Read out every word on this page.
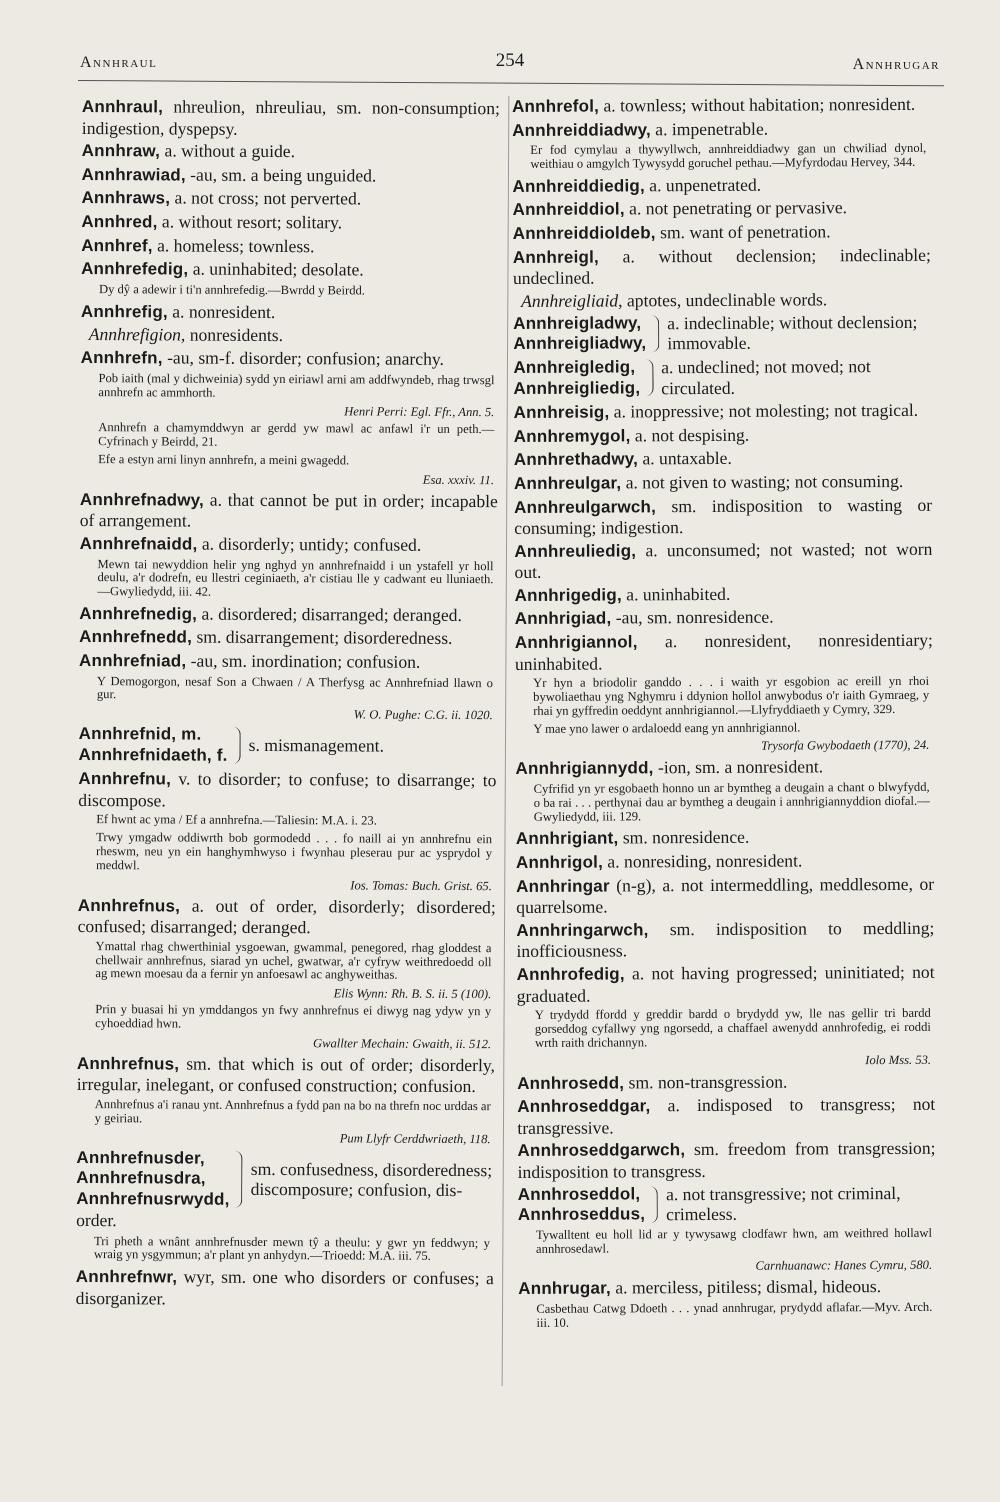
Annhraul	254	Annhrugar
Annhraul, nhreulion, nhreuliau, sm. non-consumption; indigestion, dyspepsy.
Annhraw, a. without a guide.
Annhrawiad, -au, sm. a being unguided.
Annhraws, a. not cross; not perverted.
Annhred, a. without resort; solitary.
Annhref, a. homeless; townless.
Annhrefedig, a. uninhabited; desolate.
Dy dŷ a adewir i ti'n annhrefedig.—Bwrdd y Beirdd.
Annhrefig, a. nonresident.
Annhrefigion, nonresidents.
Annhrefn, -au, sm-f. disorder; confusion; anarchy.
Pob iaith (mal y dichweinia) sydd yn eiriawl arni am addfwyndeb, rhag trwsgl annhrefn ac ammhorth.
Henri Perri: Egl. Ffr., Ann. 5.
Annhrefn a chamymddwyn ar gerdd yw mawl ac anfawl i'r un peth.—Cyfrinach y Beirdd, 21.
Efe a estyn arni linyn annhrefn, a meini gwagedd.
Esa. xxxiv. 11.
Annhrefnadwy, a. that cannot be put in order; incapable of arrangement.
Annhrefnaidd, a. disorderly; untidy; confused.
Mewn tai newyddion helir yng nghyd yn annhrefnaidd i un ystafell yr holl deulu, a'r dodrefn, eu llestri ceginiaeth, a'r cistiau lle y cadwant eu lluniaeth.—Gwyliedydd, iii. 42.
Annhrefnedig, a. disordered; disarranged; deranged.
Annhrefnedd, sm. disarrangement; disorderedness.
Annhrefniad, -au, sm. inordination; confusion.
Y Demogorgon, nesaf Son a Chwaen / A Therfysg ac Annhrefniad llawn o gur.
W. O. Pughe: C.G. ii. 1020.
Annhrefnid, m.
Annhrefnidaeth, f. s. mismanagement.
Annhrefnu, v. to disorder; to confuse; to disarrange; to discompose.
Ef hwnt ac yma / Ef a annhrefna.—Taliesin: M.A. i. 23.
Trwy ymgadw oddiwrth bob gormodedd . . . fo naill ai yn annhrefnu ein rheswm, neu yn ein hanghymhwyso i fwynhau pleserau pur ac ysprydol y meddwl.
Ios. Tomas: Buch. Grist. 65.
Annhrefnus, a. out of order, disorderly; disordered; confused; disarranged; deranged.
Ymattal rhag chwerthinial ysgoewan, gwammal, penegored, rhag gloddest a chellwair annhrefnus, siarad yn uchel, gwatwar, a'r cyfryw weithredoedd oll ag mewn moesau da a fernir yn anfoesawl ac anghyweithas.
Elis Wynn: Rh. B. S. ii. 5 (100).
Prin y buasai hi yn ymddangos yn fwy annhrefnus ei diwyg nag ydyw yn y cyhoeddiad hwn.
Gwallter Mechain: Gwaith, ii. 512.
Annhrefnus, sm. that which is out of order; disorderly, irregular, inelegant, or confused construction; confusion.
Annhrefnus a'i ranau ynt. Annhrefnus a fydd pan na bo na threfn noc urddas ar y geiriau.
Pum Llyfr Cerddwriaeth, 118.
Annhrefnusder,
Annhrefnusdra,
Annhrefnusrwydd,
sm. confusedness, disorderedness; discomposure; confusion, dis-
order.
Tri pheth a wnânt annhrefnusder mewn tŷ a theulu: y gwr yn feddwyn; y wraig yn ysgymmun; a'r plant yn anhydyn.—Trioedd: M.A. iii. 75.
Annhrefnwr, wyr, sm. one who disorders or confuses; a disorganizer.
Annhrefol, a. townless; without habitation; nonresident.
Annhreiddiadwy, a. impenetrable.
Er fod cymylau a thywyllwch, annhreiddiadwy gan un chwiliad dynol, weithiau o amgylch Tywysydd goruchel pethau.—Myfyrdodau Hervey, 344.
Annhreiddiedig, a. unpenetrated.
Annhreiddiol, a. not penetrating or pervasive.
Annhreiddioldeb, sm. want of penetration.
Annhreigl, a. without declension; indeclinable; undeclined.
Annhreigliaid, aptotes, undeclinable words.
Annhreigladwy,
Annhreigliadwy,
a. indeclinable; without declension; immovable.
Annhreigledig,
Annhreigliedig,
a. undeclined; not moved; not circulated.
Annhreisig, a. inoppressive; not molesting; not tragical.
Annhremygol, a. not despising.
Annhrethadwy, a. untaxable.
Annhreulgar, a. not given to wasting; not consuming.
Annhreulgarwch, sm. indisposition to wasting or consuming; indigestion.
Annhreuliedig, a. unconsumed; not wasted; not worn out.
Annhrigedig, a. uninhabited.
Annhrigiad, -au, sm. nonresidence.
Annhrigiannol, a. nonresident, nonresidentiary; uninhabited.
Yr hyn a briodolir ganddo . . . i waith yr esgobion ac ereill yn rhoi bywoliaethau yng Nghymru i ddynion hollol anwybodus o'r iaith Gymraeg, y rhai yn gyffredin oeddynt annhrigiannol.—Llyfryddiaeth y Cymry, 329.
Y mae yno lawer o ardaloedd eang yn annhrigiannol.
Trysorfa Gwybodaeth (1770), 24.
Annhrigiannydd, -ion, sm. a nonresident.
Cyfrifid yn yr esgobaeth honno un ar bymtheg a deugain a chant o blwyfydd, o ba rai . . . perthynai dau ar bymtheg a deugain i annhrigiannyddion diofal.—Gwyliedydd, iii. 129.
Annhrigiant, sm. nonresidence.
Annhrigol, a. nonresiding, nonresident.
Annhringar (n-g), a. not intermeddling, meddlesome, or quarrelsome.
Annhringarwch, sm. indisposition to meddling; inofficiousness.
Annhrofedig, a. not having progressed; uninitiated; not graduated.
Y trydydd ffordd y greddir bardd o brydydd yw, lle nas gellir tri bardd gorseddog cyfallwy yng ngorsedd, a chaffael awenydd annhrofedig, ei roddi wrth raith drichannyn.
Iolo Mss. 53.
Annhrosedd, sm. non-transgression.
Annhroseddgar, a. indisposed to transgress; not transgressive.
Annhroseddgarwch, sm. freedom from transgression; indisposition to transgress.
Annhroseddol,
Annhroseddus,
a. not transgressive; not criminal, crimeless.
Tywalltent eu holl lid ar y tywysawg clodfawr hwn, am weithred hollawl annhrosedawl.
Carnhuanawc: Hanes Cymru, 580.
Annhrugar, a. merciless, pitiless; dismal, hideous.
Casbethau Catwg Ddoeth . . . ynad annhrugar, prydydd aflafar.—Myv. Arch. iii. 10.
